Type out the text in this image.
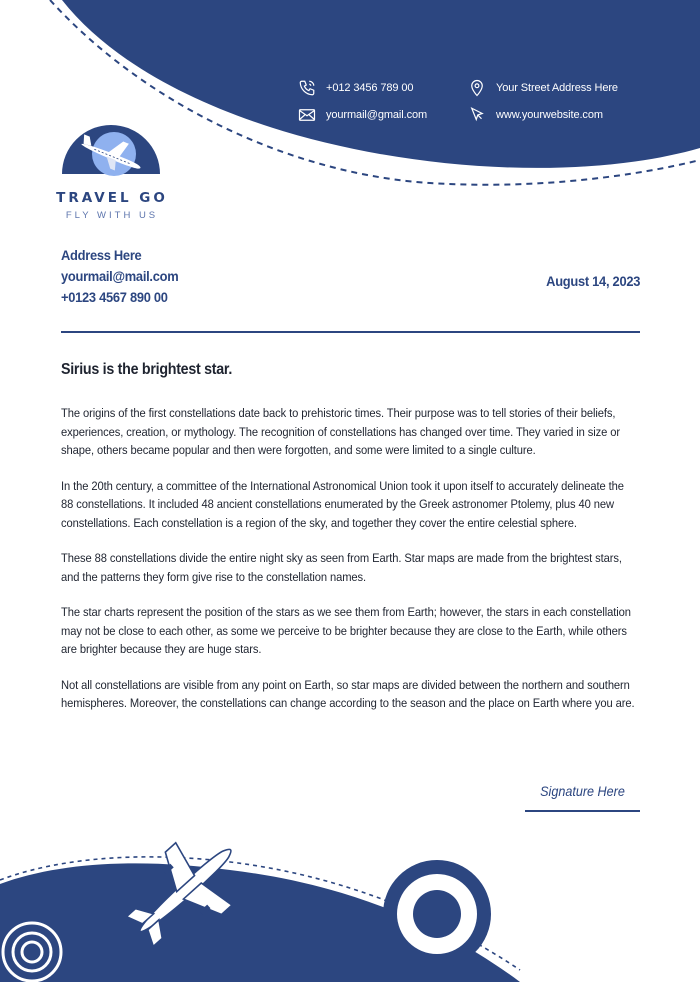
+012 3456 789 00
yourmail@gmail.com
Your Street Address Here
www.yourwebsite.com
TRAVEL GO
FLY WITH US
Address Here
yourmail@mail.com
+0123 4567 890 00
August 14, 2023
Sirius is the brightest star.

The origins of the first constellations date back to prehistoric times. Their purpose was to tell stories of their beliefs, experiences, creation, or mythology. The recognition of constellations has changed over time. They varied in size or shape, others became popular and then were forgotten, and some were limited to a single culture.

In the 20th century, a committee of the International Astronomical Union took it upon itself to accurately delineate the 88 constellations. It included 48 ancient constellations enumerated by the Greek astronomer Ptolemy, plus 40 new constellations. Each constellation is a region of the sky, and together they cover the entire celestial sphere.

These 88 constellations divide the entire night sky as seen from Earth. Star maps are made from the brightest stars, and the patterns they form give rise to the constellation names.

The star charts represent the position of the stars as we see them from Earth; however, the stars in each constellation may not be close to each other, as some we perceive to be brighter because they are close to the Earth, while others are brighter because they are huge stars.

Not all constellations are visible from any point on Earth, so star maps are divided between the northern and southern hemispheres. Moreover, the constellations can change according to the season and the place on Earth where you are.

Signature Here
